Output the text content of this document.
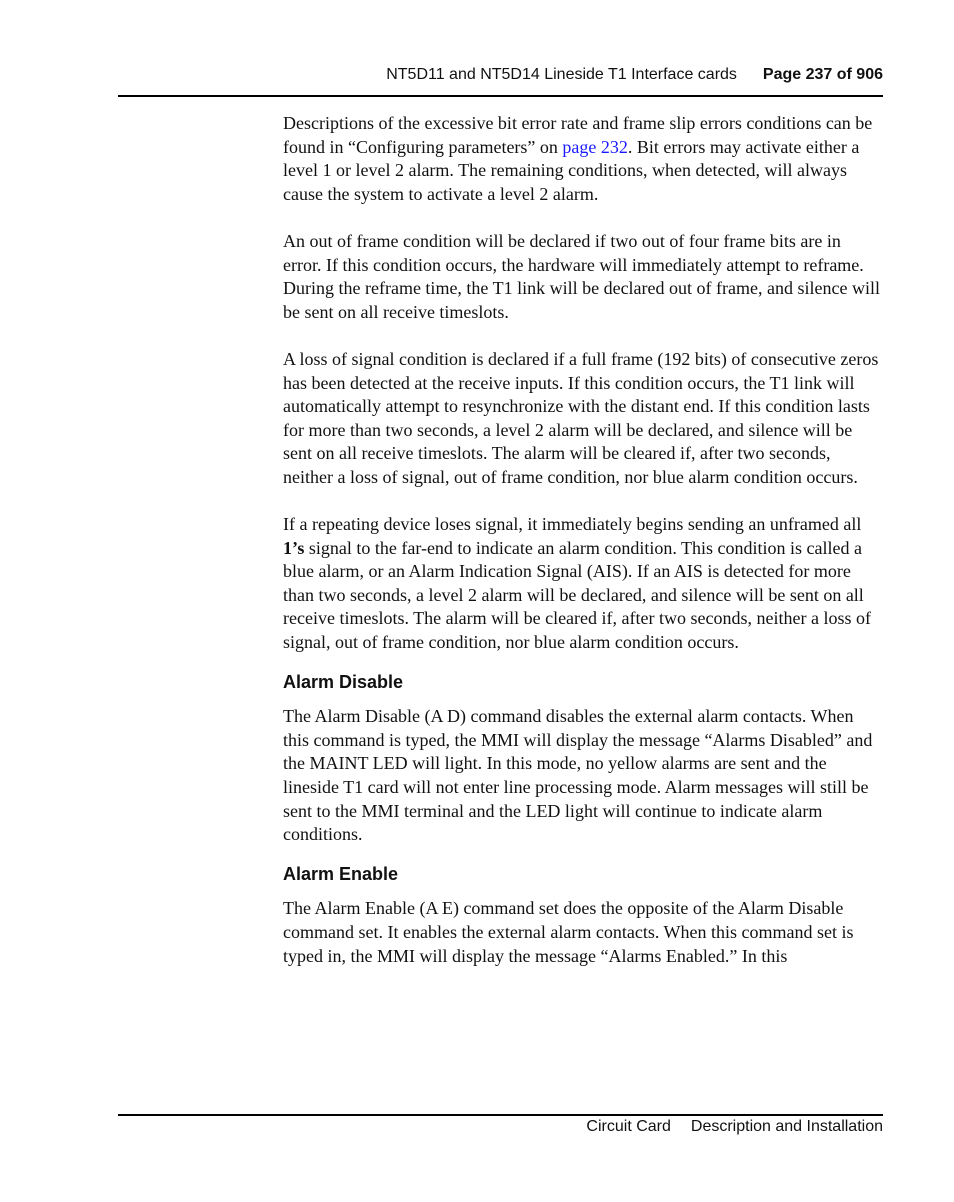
NT5D11 and NT5D14 Lineside T1 Interface cards Page 237 of 906

Descriptions of the excessive bit error rate and frame slip errors conditions can be found in “Configuring parameters” on page 232. Bit errors may activate either a level 1 or level 2 alarm. The remaining conditions, when detected, will always cause the system to activate a level 2 alarm.

An out of frame condition will be declared if two out of four frame bits are in error. If this condition occurs, the hardware will immediately attempt to reframe. During the reframe time, the T1 link will be declared out of frame, and silence will be sent on all receive timeslots.

A loss of signal condition is declared if a full frame (192 bits) of consecutive zeros has been detected at the receive inputs. If this condition occurs, the T1 link will automatically attempt to resynchronize with the distant end. If this condition lasts for more than two seconds, a level 2 alarm will be declared, and silence will be sent on all receive timeslots. The alarm will be cleared if, after two seconds, neither a loss of signal, out of frame condition, nor blue alarm condition occurs.

If a repeating device loses signal, it immediately begins sending an unframed all 1’s signal to the far-end to indicate an alarm condition. This condition is called a blue alarm, or an Alarm Indication Signal (AIS). If an AIS is detected for more than two seconds, a level 2 alarm will be declared, and silence will be sent on all receive timeslots. The alarm will be cleared if, after two seconds, neither a loss of signal, out of frame condition, nor blue alarm condition occurs.

Alarm Disable

The Alarm Disable (A D) command disables the external alarm contacts. When this command is typed, the MMI will display the message “Alarms Disabled” and the MAINT LED will light. In this mode, no yellow alarms are sent and the lineside T1 card will not enter line processing mode. Alarm messages will still be sent to the MMI terminal and the LED light will continue to indicate alarm conditions.

Alarm Enable

The Alarm Enable (A E) command set does the opposite of the Alarm Disable command set. It enables the external alarm contacts. When this command set is typed in, the MMI will display the message “Alarms Enabled.” In this

Circuit Card Description and Installation
